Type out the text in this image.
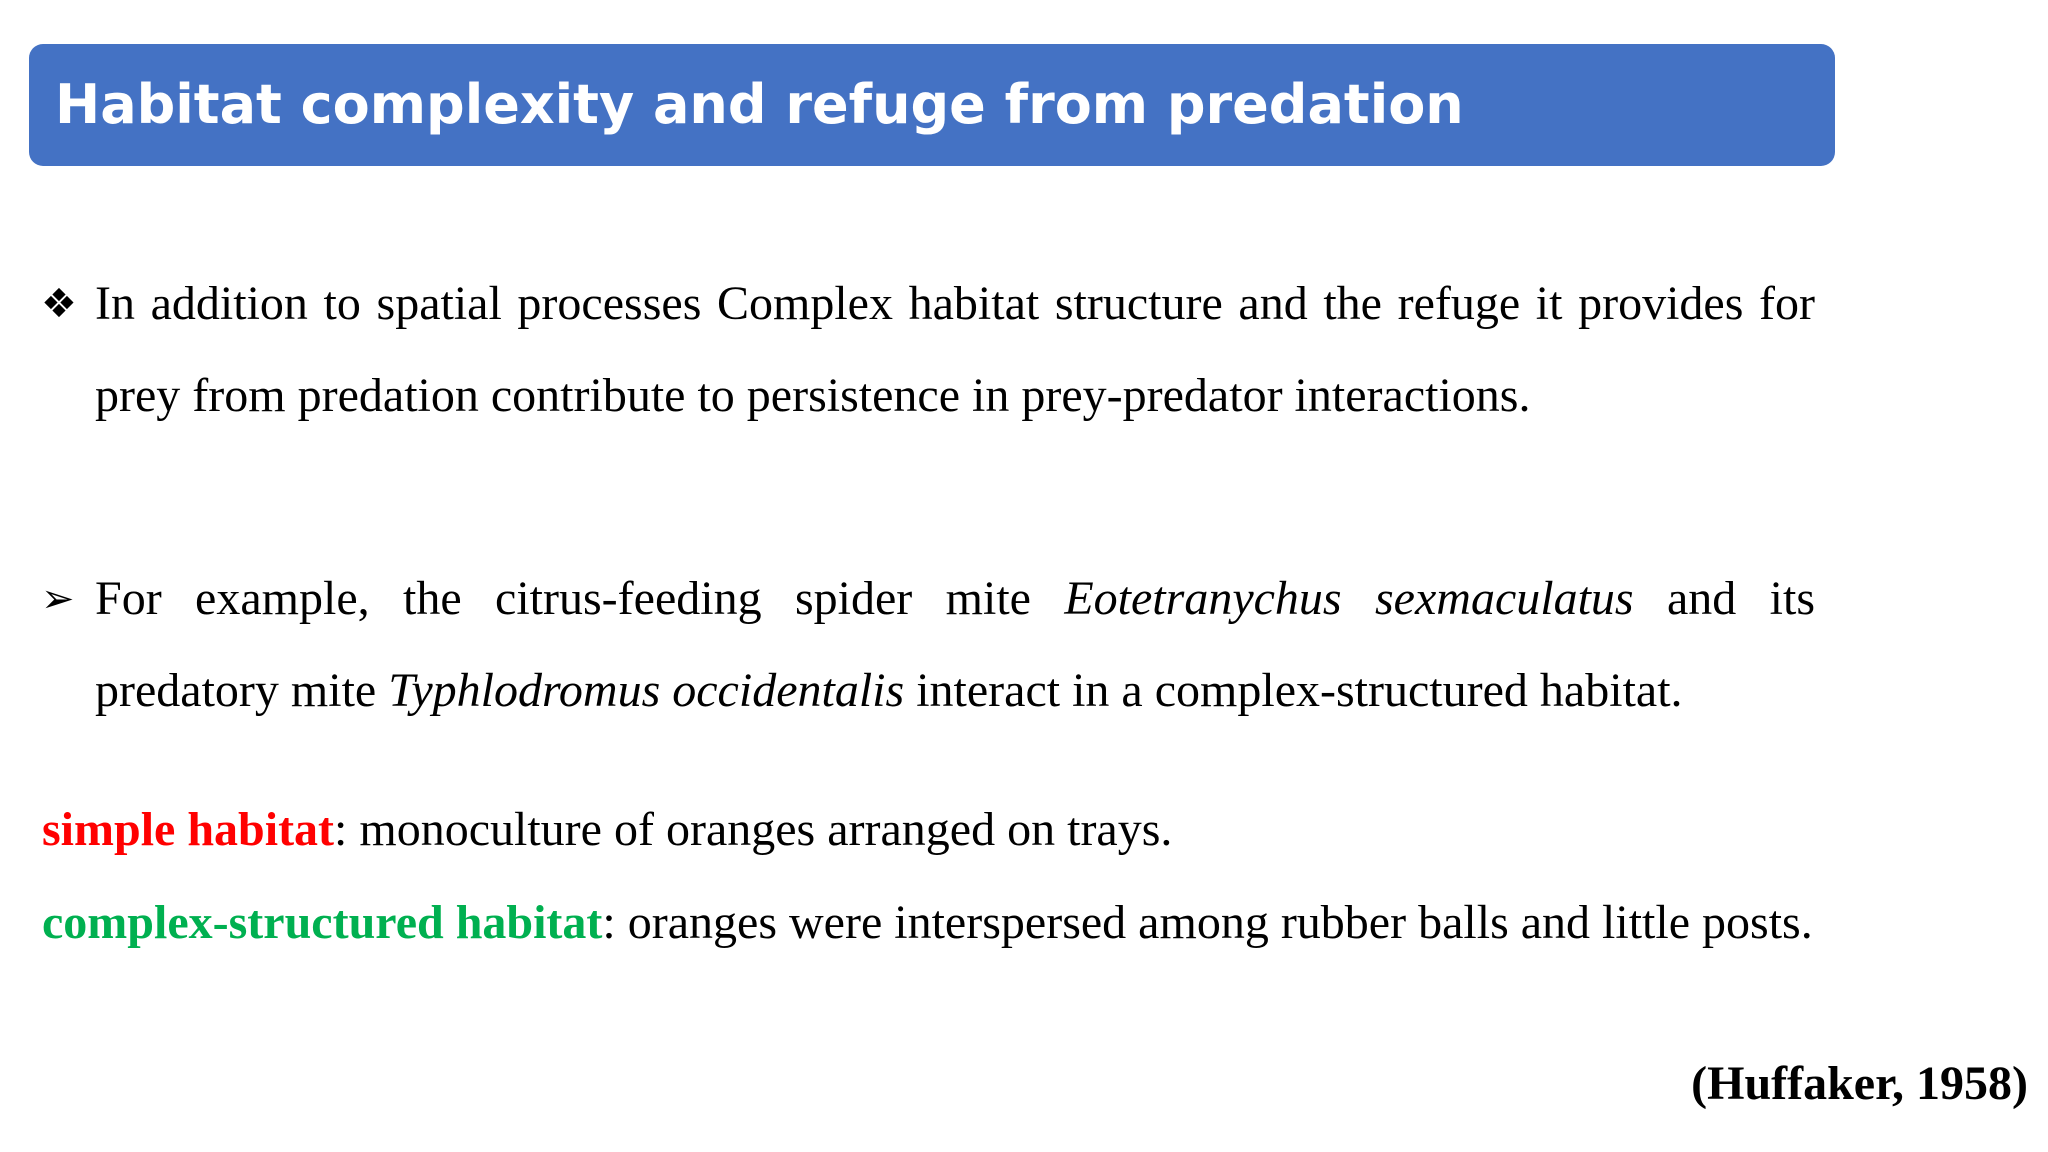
Habitat complexity and refuge from predation
❖ In addition to spatial processes Complex habitat structure and the refuge it provides for prey from predation contribute to persistence in prey-predator interactions.
➢ For example, the citrus-feeding spider mite Eotetranychus sexmaculatus and its predatory mite Typhlodromus occidentalis interact in a complex-structured habitat.
simple habitat: monoculture of oranges arranged on trays.
complex-structured habitat: oranges were interspersed among rubber balls and little posts.
(Huffaker, 1958)
